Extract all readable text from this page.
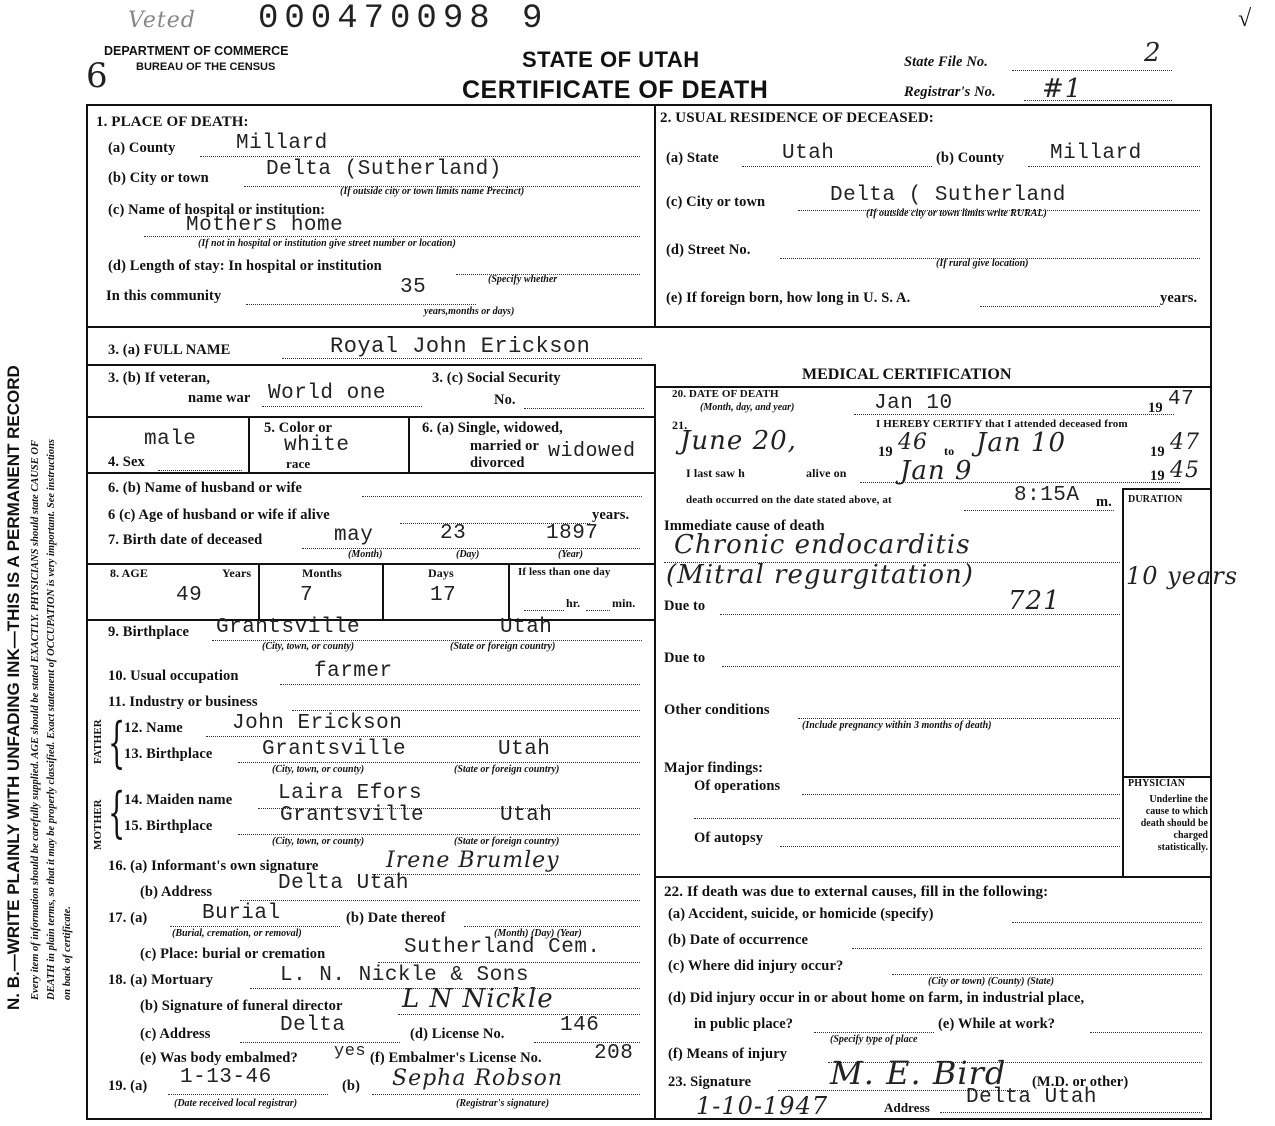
Veted 000470098 9
DEPARTMENT OF COMMERCE
BUREAU OF THE CENSUS
6	STATE OF UTAH
CERTIFICATE OF DEATH
State File No.	2
Registrar's No. #1
√
N. B.—WRITE PLAINLY WITH UNFADING INK—THIS IS A PERMANENT RECORD Every item of information should be carefully supplied. AGE should be stated EXACTLY. PHYSICIANS should state CAUSE OF DEATH in plain terms, so that it may be properly classified. Exact statement of OCCUPATION is very important. See instructions on back of certificate.
1. PLACE OF DEATH:
(a) County	Millard
(b) City or town	Delta (Sutherland)
(If outside city or town limits name Precinct)
(c) Name of hospital or institution:
Mothers home
(If not in hospital or institution give street number or location)
(d) Length of stay: In hospital or institution
In this community	35	(Specify whether
years,months or days)
2. USUAL RESIDENCE OF DECEASED:
(a) State	Utah	(b) County Millard
(c) City or town	Delta ( Sutherland
(If outside city or town limits write RURAL)
(d) Street No.
(If rural give location)
(e) If foreign born, how long in U. S. A.	years.
3. (a) FULL NAME	Royal John Erickson
3. (b) If veteran,
name war World one
3. (c) Social Security
No.
male
4. Sex
5. Color or
white
race
6. (a) Single, widowed,
married or
divorced widowed
6. (b) Name of husband or wife
6 (c) Age of husband or wife if alive	years.
7. Birth date of deceased	may	23	1897
(Month)	(Day)	(Year)
8. AGE	Years	Months	Days	If less than one day
49	7	17	hr.	min.
9. Birthplace Grantsville	Utah
(City, town, or county)	(State or foreign country)
10. Usual occupation	farmer
11. Industry or business
FATHER
MOTHER
{
{
12. Name John Erickson
13. Birthplace Grantsville	Utah
(City, town, or county)	(State or foreign country)
14. Maiden name Laira Efors
15. Birthplace	Grantsville	Utah
(City, town, or county)	(State or foreign country)
16. (a) Informant's own signature	Irene Brumley
(b) Address	Delta Utah
17. (a)	Burial
(Burial, cremation, or removal)
(b) Date thereof
(Month) (Day) (Year)
(c) Place: burial or cremation	Sutherland Cem.
18. (a) Mortuary	L. N. Nickle & Sons
(b) Signature of funeral director L N Nickle
(c) Address	Delta	(d) License No.	146
(e) Was body embalmed? yes (f) Embalmer's License No. 208
19. (a) 1-13-46
(Date received local registrar)
(b) Sepha Robson
(Registrar's signature)
MEDICAL CERTIFICATION
20. DATE OF DEATH
(Month, day, and year)	Jan 10	19 47
21.	I HEREBY CERTIFY that I attended deceased from
June 20,	19 46 to Jan 10	19 47
I last saw h	alive on Jan 9	19 45
death occurred on the date stated above, at	8:15A m. DURATION
Immediate cause of death
Chronic endocarditis
(Mitral regurgitation)	10 years
Due to	721
Due to
Other conditions
(Include pregnancy within 3 months of death)
Major findings:
Of operations
Of autopsy
PHYSICIAN
Underline the cause to which death should be charged statistically.
22. If death was due to external causes, fill in the following:
(a) Accident, suicide, or homicide (specify)
(b) Date of occurrence
(c) Where did injury occur?
(City or town) (County) (State)
(d) Did injury occur in or about home on farm, in industrial place,
in public place?
(Specify type of place
(e) While at work?
(f) Means of injury
23. Signature M. E. Bird (M.D. or other)
1-10-1947	Address Delta Utah
